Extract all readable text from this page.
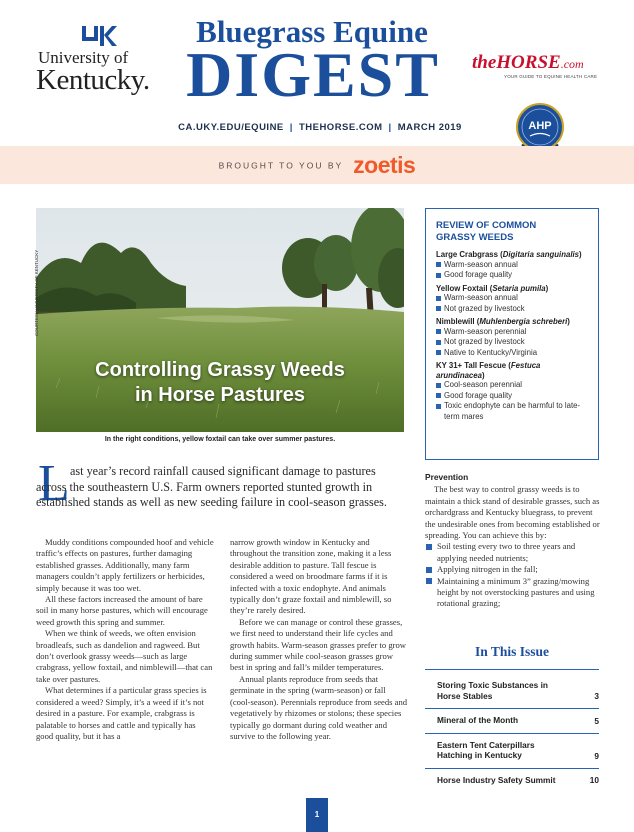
University of
Kentucky.
Bluegrass Equine
DIGEST	theHORSE.com
YOUR GUIDE TO EQUINE HEALTH CARE
AHP
CA.UKY.EDU/EQUINE | THEHORSE.COM | MARCH 2019
BROUGHT TO YOU BY zoetis
Controlling Grassy Weeds
in Horse Pastures
COURTESY UNIVERSITY OF KENTUCKY
In the right conditions, yellow foxtail can take over summer pastures.
REVIEW OF COMMON GRASSY WEEDS
Large Crabgrass (Digitaria sanguinalis)
Warm-season annual
Good forage quality
Yellow Foxtail (Setaria pumila)
Warm-season annual
Not grazed by livestock
Nimblewill (Muhlenbergia schreberi)
Warm-season perennial
Not grazed by livestock
Native to Kentucky/Virginia
KY 31+ Tall Fescue (Festuca arundinacea)
Cool-season perennial
Good forage quality
Toxic endophyte can be harmful to late-term mares
L ast year’s record rainfall caused significant damage to pastures across the southeastern U.S. Farm owners reported stunted growth in established stands as well as new seeding failure in cool-season grasses.

Muddy conditions compounded hoof and vehicle traffic’s effects on pastures, further damaging established grasses. Additionally, many farm managers couldn’t apply fertilizers or herbicides, simply because it was too wet.

All these factors increased the amount of bare soil in many horse pastures, which will encourage weed growth this spring and summer.

When we think of weeds, we often envision broadleafs, such as dandelion and ragweed. But don’t overlook grassy weeds—such as large crabgrass, yellow foxtail, and nimblewill—that can take over pastures.

What determines if a particular grass species is considered a weed? Simply, it’s a weed if it’s not desired in a pasture. For example, crabgrass is palatable to horses and cattle and typically has good quality, but it has a

narrow growth window in Kentucky and throughout the transition zone, making it a less desirable addition to pasture. Tall fescue is considered a weed on broodmare farms if it is infected with a toxic endophyte. And animals typically don’t graze foxtail and nimblewill, so they’re rarely desired.

Before we can manage or control these grasses, we first need to understand their life cycles and growth habits. Warm-season grasses prefer to grow during summer while cool-season grasses grow best in spring and fall’s milder temperatures.

Annual plants reproduce from seeds that germinate in the spring (warm-season) or fall (cool-season). Perennials reproduce from seeds and vegetatively by rhizomes or stolons; these species typically go dormant during cold weather and survive to the following year.

Prevention

The best way to control grassy weeds is to maintain a thick stand of desirable grasses, such as orchardgrass and Kentucky bluegrass, to prevent the undesirable ones from becoming established or spreading. You can achieve this by:

Soil testing every two to three years and applying needed nutrients;
Applying nitrogen in the fall;
Maintaining a minimum 3” grazing/mowing height by not overstocking pastures and using rotational grazing;
In This Issue
Storing Toxic Substances in Horse Stables	3
Mineral of the Month	5
Eastern Tent Caterpillars Hatching in Kentucky	9
Horse Industry Safety Summit	10
1
